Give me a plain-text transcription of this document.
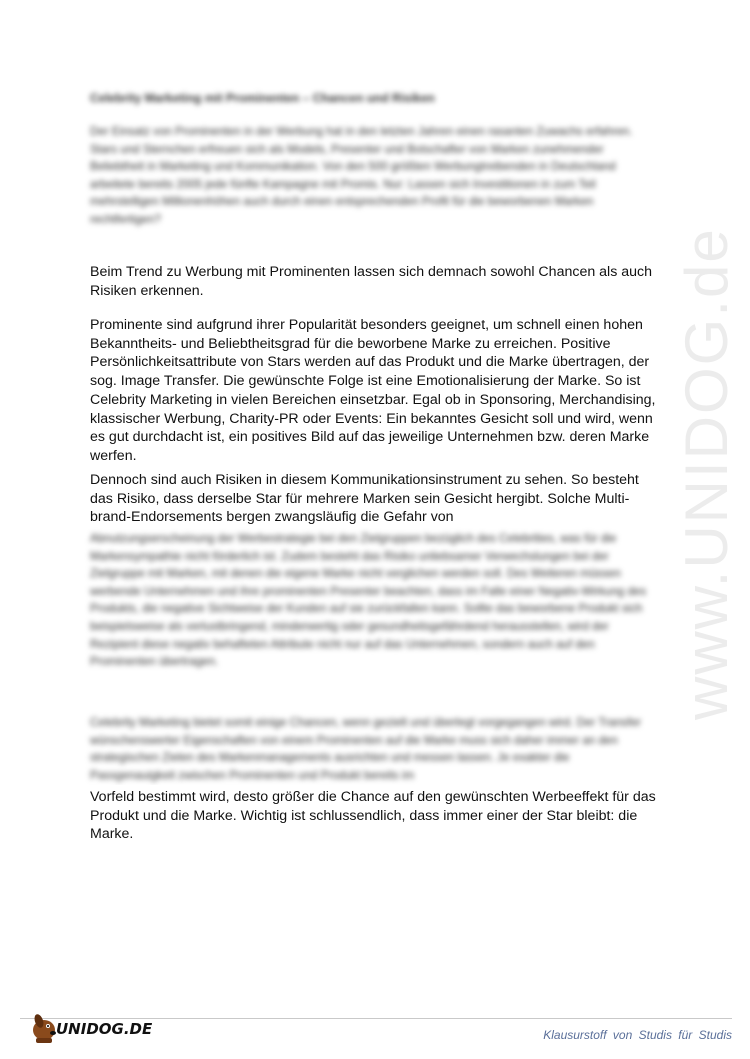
www.UNIDOG.de
Celebrity Marketing mit Prominenten – Chancen und Risiken
Der Einsatz von Prominenten in der Werbung hat in den letzten Jahren einen rasanten Zuwachs erfahren. Stars und Sternchen erfreuen sich als Models, Presenter und Botschafter von Marken zunehmender Beliebtheit in Marketing und Kommunikation. Von den 500 größten Werbungtreibenden in Deutschland arbeitete bereits 2005 jede fünfte Kampagne mit Promis. Nur: Lassen sich Investitionen in zum Teil mehrstelligen Millionenhöhen auch durch einen entsprechenden Profit für die beworbenen Marken rechtfertigen?

Beim Trend zu Werbung mit Prominenten lassen sich demnach sowohl Chancen als auch Risiken erkennen.

Prominente sind aufgrund ihrer Popularität besonders geeignet, um schnell einen hohen Bekanntheits- und Beliebtheitsgrad für die beworbene Marke zu erreichen. Positive Persönlichkeitsattribute von Stars werden auf das Produkt und die Marke übertragen, der sog. Image Transfer. Die gewünschte Folge ist eine Emotionalisierung der Marke. So ist Celebrity Marketing in vielen Bereichen einsetzbar. Egal ob in Sponsoring, Merchandising, klassischer Werbung, Charity-PR oder Events: Ein bekanntes Gesicht soll und wird, wenn es gut durchdacht ist, ein positives Bild auf das jeweilige Unternehmen bzw. deren Marke werfen.

Dennoch sind auch Risiken in diesem Kommunikationsinstrument zu sehen. So besteht das Risiko, dass derselbe Star für mehrere Marken sein Gesicht hergibt. Solche Multi-brand-Endorsements bergen zwangsläufig die Gefahr von

Abnutzungserscheinung der Werbestrategie bei den Zielgruppen bezüglich des Celebrities, was für die Markensympathie nicht förderlich ist. Zudem besteht das Risiko unliebsamer Verwechslungen bei der Zielgruppe mit Marken, mit denen die eigene Marke nicht verglichen werden soll. Des Weiteren müssen werbende Unternehmen und ihre prominenten Presenter beachten, dass im Falle einer Negativ-Wirkung des Produkts, die negative Sichtweise der Kunden auf sie zurückfallen kann. Sollte das beworbene Produkt sich beispielsweise als verlustbringend, minderwertig oder gesundheitsgefährdend herausstellen, wird der Rezipient diese negativ behafteten Attribute nicht nur auf das Unternehmen, sondern auch auf den Prominenten übertragen.
Celebrity Marketing bietet somit einige Chancen, wenn gezielt und überlegt vorgegangen wird. Der Transfer wünschenswerter Eigenschaften von einem Prominenten auf die Marke muss sich daher immer an den strategischen Zielen des Markenmanagements ausrichten und messen lassen. Je exakter die Passgenauigkeit zwischen Prominenten und Produkt bereits im

Vorfeld bestimmt wird, desto größer die Chance auf den gewünschten Werbeeffekt für das Produkt und die Marke. Wichtig ist schlussendlich, dass immer einer der Star bleibt: die Marke.

UNIDOG.DE	Klausurstoff von Studis für Studis
